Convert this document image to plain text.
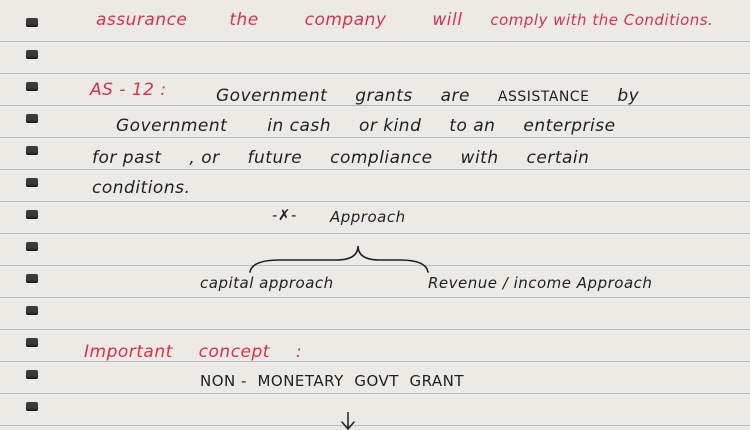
assurance the	company	will comply with the Conditions.
AS - 12 :	Government grants are ASSISTANCE by
Government in cash or kind to an enterprise
for past , or future compliance with certain
conditions.
-✗- Approach
capital approach	Revenue / income Approach
Important concept :
NON -  MONETARY  GOVT  GRANT
